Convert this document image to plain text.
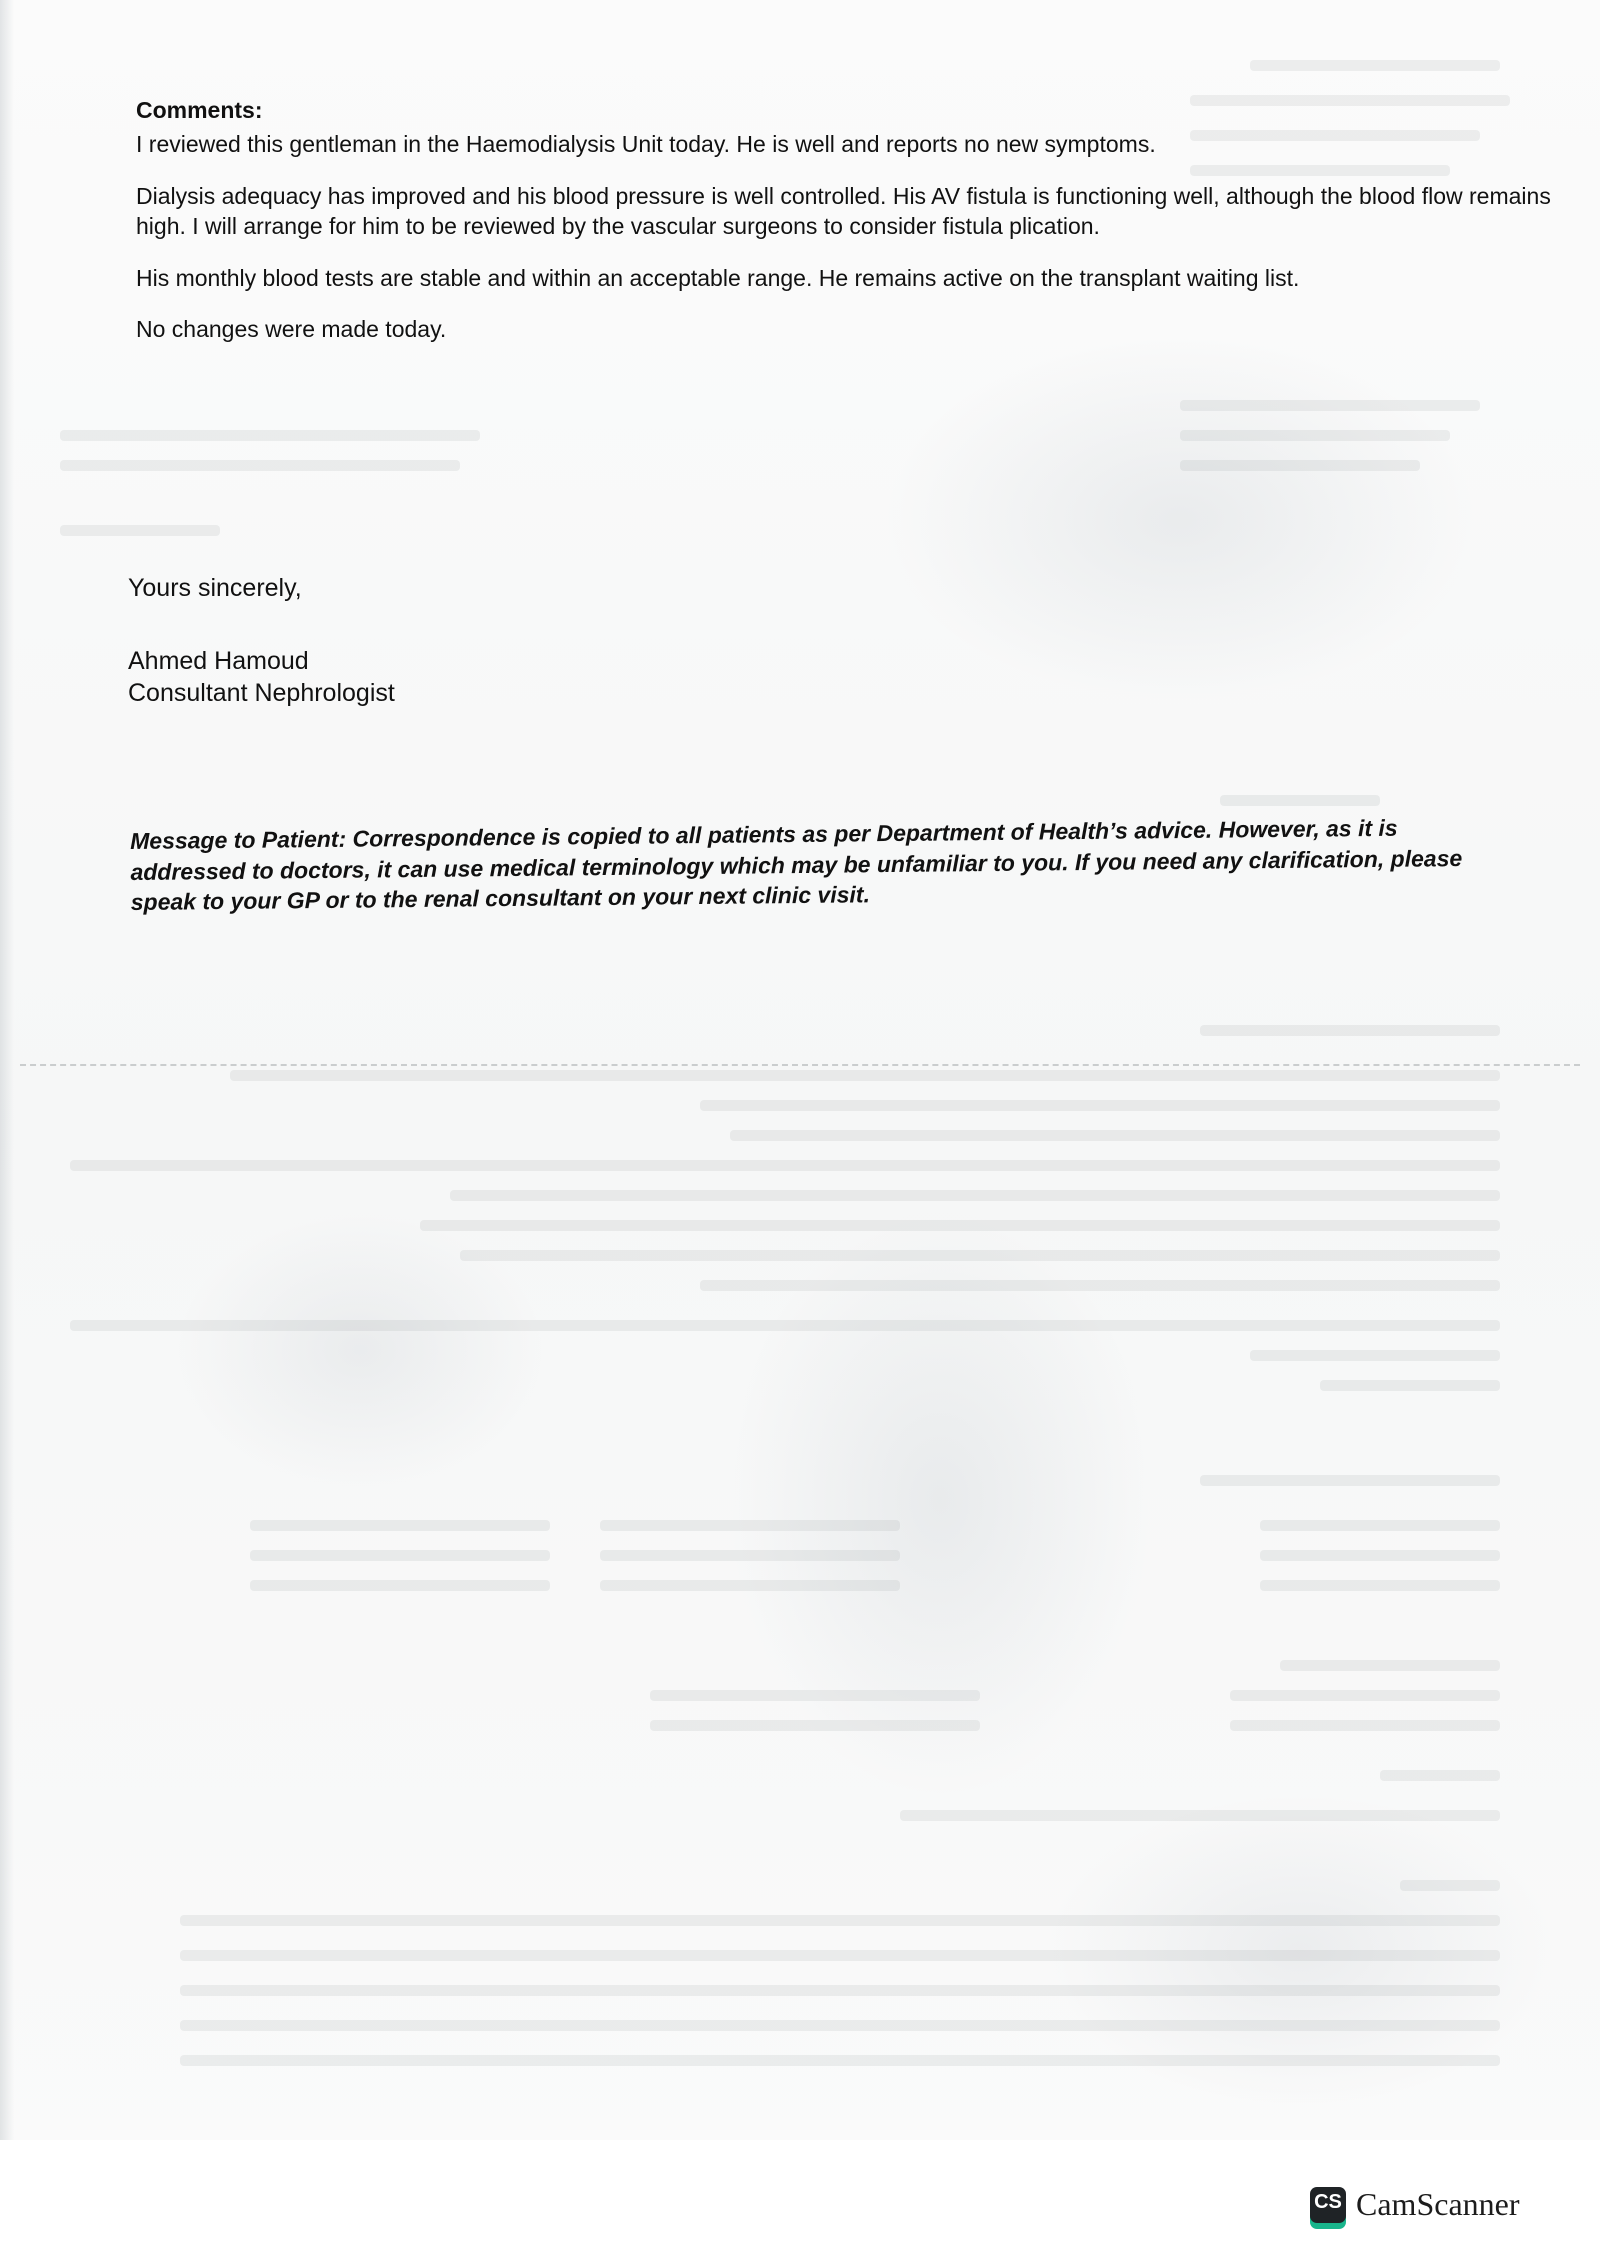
Comments:

I reviewed this gentleman in the Haemodialysis Unit today. He is well and reports no new symptoms.

Dialysis adequacy has improved and his blood pressure is well controlled. His AV fistula is functioning well, although the blood flow remains high. I will arrange for him to be reviewed by the vascular surgeons to consider fistula plication.

His monthly blood tests are stable and within an acceptable range. He remains active on the transplant waiting list.

No changes were made today.

Yours sincerely,

Ahmed Hamoud

Consultant Nephrologist

Message to Patient: Correspondence is copied to all patients as per Department of Health’s advice. However, as it is addressed to doctors, it can use medical terminology which may be unfamiliar to you. If you need any clarification, please speak to your GP or to the renal consultant on your next clinic visit.
CS CamScanner
